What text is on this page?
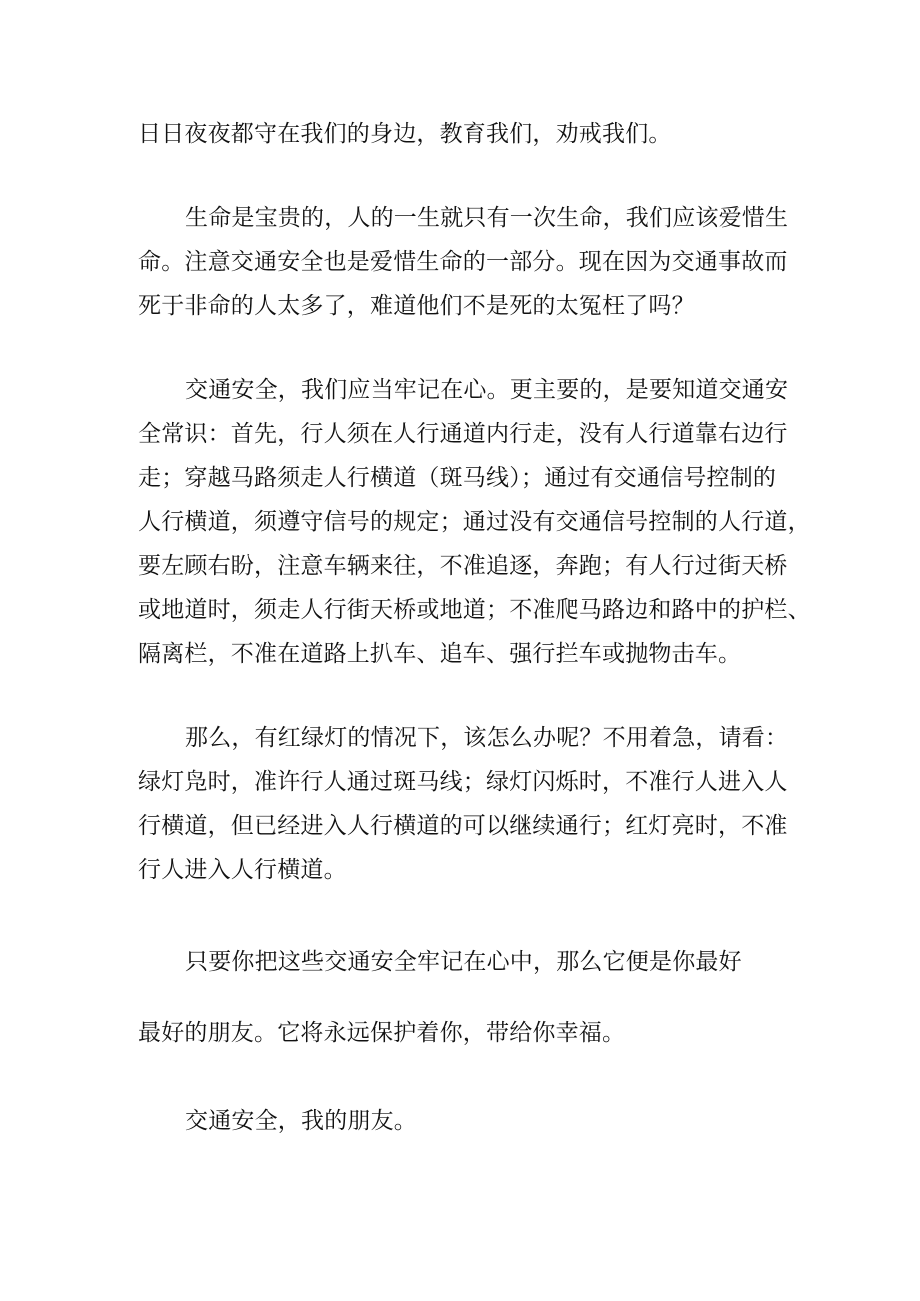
日日夜夜都守在我们的身边，教育我们，劝戒我们。
生命是宝贵的，人的一生就只有一次生命，我们应该爱惜生
命。注意交通安全也是爱惜生命的一部分。现在因为交通事故而
死于非命的人太多了，难道他们不是死的太冤枉了吗？
交通安全，我们应当牢记在心。更主要的，是要知道交通安
全常识：首先，行人须在人行通道内行走，没有人行道靠右边行
走；穿越马路须走人行横道（斑马线）；通过有交通信号控制的
人行横道，须遵守信号的规定；通过没有交通信号控制的人行道，
要左顾右盼，注意车辆来往，不准追逐，奔跑；有人行过街天桥
或地道时，须走人行街天桥或地道；不准爬马路边和路中的护栏、
隔离栏，不准在道路上扒车、追车、强行拦车或抛物击车。
那么，有红绿灯的情况下，该怎么办呢？不用着急，请看：
绿灯凫时，准许行人通过斑马线；绿灯闪烁时，不准行人进入人
行横道，但已经进入人行横道的可以继续通行；红灯亮时，不准
行人进入人行横道。
只要你把这些交通安全牢记在心中，那么它便是你最好
最好的朋友。它将永远保护着你，带给你幸福。
交通安全，我的朋友。
